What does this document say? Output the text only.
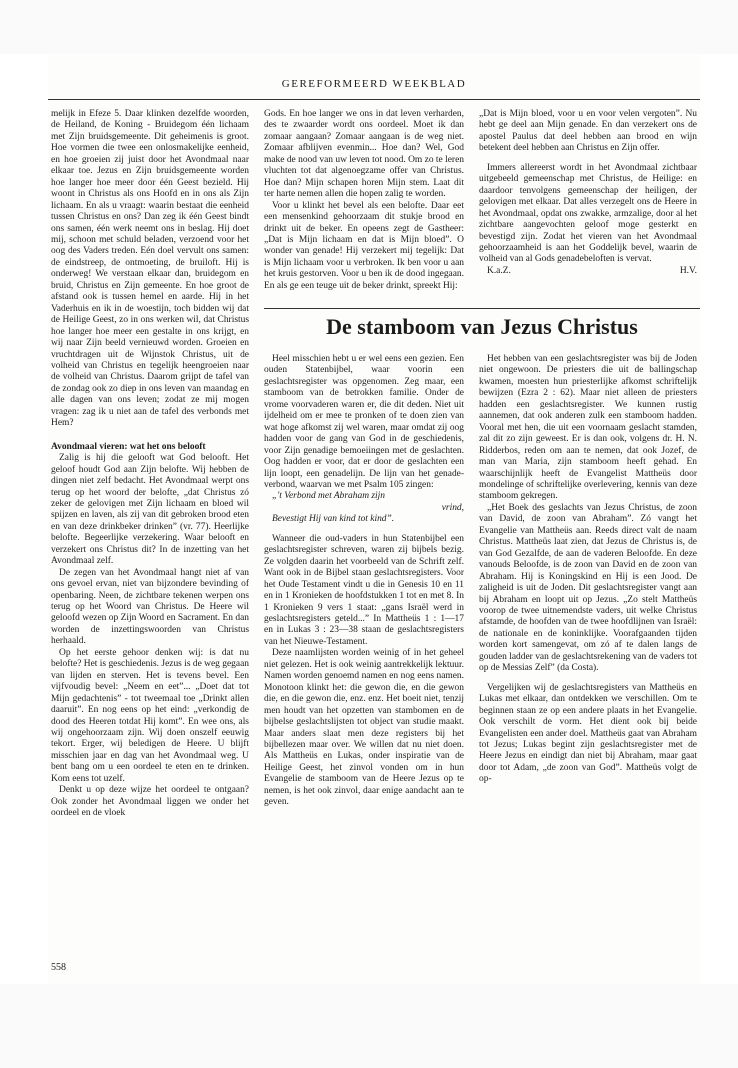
GEREFORMEERD WEEKBLAD

melijk in Efeze 5. Daar klinken dezelfde woorden, de Heiland, de Koning - Bruidegom één lichaam met Zijn bruidsgemeente. Dit geheimenis is groot. Hoe vormen die twee een onlosmakelijke eenheid, en hoe groeien zij juist door het Avondmaal naar elkaar toe. Jezus en Zijn bruidsgemeente worden hoe langer hoe meer door één Geest bezield. Hij woont in Christus als ons Hoofd en in ons als Zijn lichaam. En als u vraagt: waarin bestaat die eenheid tussen Christus en ons? Dan zeg ik één Geest bindt ons samen, één werk neemt ons in beslag. Hij doet mij, schoon met schuld beladen, verzoend voor het oog des Vaders treden. Eén doel vervult ons samen: de eindstreep, de ontmoeting, de bruiloft. Hij is onderweg! We verstaan elkaar dan, bruidegom en bruid, Christus en Zijn gemeente. En hoe groot de afstand ook is tussen hemel en aarde. Hij in het Vaderhuis en ik in de woestijn, toch bidden wij dat de Heilige Geest, zo in ons werken wil, dat Christus hoe langer hoe meer een gestalte in ons krijgt, en wij naar Zijn beeld vernieuwd worden. Groeien en vruchtdragen uit de Wijnstok Christus, uit de volheid van Christus en tegelijk heengroeien naar de volheid van Christus. Daarom grijpt de tafel van de zondag ook zo diep in ons leven van maandag en alle dagen van ons leven; zodat ze mij mogen vragen: zag ik u niet aan de tafel des verbonds met Hem?

Avondmaal vieren: wat het ons belooft

Zalig is hij die gelooft wat God belooft. Het geloof houdt God aan Zijn belofte. Wij hebben de dingen niet zelf bedacht. Het Avondmaal werpt ons terug op het woord der belofte, „dat Christus zó zeker de gelovigen met Zijn lichaam en bloed wil spijzen en laven, als zij van dit gebroken brood eten en van deze drinkbeker drinken” (vr. 77). Heerlijke belofte. Begeerlijke verzekering. Waar belooft en verzekert ons Christus dit? In de inzetting van het Avondmaal zelf.

De zegen van het Avondmaal hangt niet af van ons gevoel ervan, niet van bijzondere bevinding of openbaring. Neen, de zichtbare tekenen werpen ons terug op het Woord van Christus. De Heere wil geloofd wezen op Zijn Woord en Sacrament. En dan worden de inzettingswoorden van Christus herhaald.

Op het eerste gehoor denken wij: is dat nu belofte? Het is geschiedenis. Jezus is de weg gegaan van lijden en sterven. Het is tevens bevel. Een vijfvoudig bevel: „Neem en eet”... „Doet dat tot Mijn gedachtenis” - tot tweemaal toe „Drinkt allen daaruit”. En nog eens op het eind: „verkondig de dood des Heeren totdat Hij komt”. En wee ons, als wij ongehoorzaam zijn. Wij doen onszelf eeuwig tekort. Erger, wij beledigen de Heere. U blijft misschien jaar en dag van het Avondmaal weg. U bent bang om u een oordeel te eten en te drinken. Kom eens tot uzelf.

Denkt u op deze wijze het oordeel te ontgaan? Ook zonder het Avondmaal liggen we onder het oordeel en de vloek

Gods. En hoe langer we ons in dat leven verharden, des te zwaarder wordt ons oordeel. Moet ik dan zomaar aangaan? Zomaar aangaan is de weg niet. Zomaar afblijven evenmin... Hoe dan? Wel, God make de nood van uw leven tot nood. Om zo te leren vluchten tot dat algenoegzame offer van Christus. Hoe dan? Mijn schapen horen Mijn stem. Laat dit ter harte nemen allen die hopen zalig te worden.

Voor u klinkt het bevel als een belofte. Daar eet een mensenkind gehoorzaam dit stukje brood en drinkt uit de beker. En opeens zegt de Gastheer: „Dat is Mijn lichaam en dat is Mijn bloed”. O wonder van genade! Hij verzekert mij tegelijk: Dat is Mijn lichaam voor u verbroken. Ik ben voor u aan het kruis gestorven. Voor u ben ik de dood ingegaan. En als ge een teuge uit de beker drinkt, spreekt Hij:

„Dat is Mijn bloed, voor u en voor velen vergoten”. Nu hebt ge deel aan Mijn genade. En dan verzekert ons de apostel Paulus dat deel hebben aan brood en wijn betekent deel hebben aan Christus en Zijn offer.

Immers allereerst wordt in het Avondmaal zichtbaar uitgebeeld gemeenschap met Christus, de Heilige: en daardoor tenvolgens gemeenschap der heiligen, der gelovigen met elkaar. Dat alles verzegelt ons de Heere in het Avondmaal, opdat ons zwakke, armzalige, door al het zichtbare aangevochten geloof mogе gesterkt en bevestigd zijn. Zodat het vieren van het Avondmaal gehoorzaamheid is aan het Goddelijk bevel, waarin de volheid van al Gods genadebeloften is vervat.

K.a.Z.	H.V.

De stamboom van Jezus Christus

Heel misschien hebt u er wel eens een gezien. Een ouden Statenbijbel, waar voorin een geslachtsregister was opgenomen. Zeg maar, een stamboom van de betrokken familie. Onder de vrome voorvaderen waren er, die dit deden. Niet uit ijdelheid om er mee te pronken of te doen zien van wat hoge afkomst zij wel waren, maar omdat zij oog hadden voor de gang van God in de geschiedenis, voor Zijn genadige bemoeiingen met de geslachten. Oog hadden er voor, dat er door de geslachten een lijn loopt, een genadelijn. De lijn van het genade-verbond, waarvan we met Psalm 105 zingen:

„'t Verbond met Abraham zijn
vrind,
Bevestigt Hij van kind tot kind”.

Wanneer die oud-vaders in hun Statenbijbel een geslachtsregister schreven, waren zij bijbels bezig. Ze volgden daarin het voorbeeld van de Schrift zelf. Want ook in de Bijbel staan geslachtsregisters. Voor het Oude Testament vindt u die in Genesis 10 en 11 en in 1 Kronieken de hoofdstukken 1 tot en met 8. In 1 Kronieken 9 vers 1 staat: „gans Israël werd in geslachtsregisters geteld...” In Mattheüs 1 : 1—17 en in Lukas 3 : 23—38 staan de geslachtsregisters van het Nieuwe-Testament.

Deze naamlijsten worden weinig of in het geheel niet gelezen. Het is ook weinig aantrekkelijk lektuur. Namen worden genoemd namen en nog eens namen. Monotoon klinkt het: die gewon die, en die gewon die, en die gewon die, enz. enz. Het boeit niet, tenzij men houdt van het opzetten van stambomen en de bijbelse geslachtslijsten tot object van studie maakt. Maar anders slaat men deze registers bij het bijbellezen maar over. We willen dat nu niet doen. Als Mattheüs en Lukas, onder inspiratie van de Heilige Geest, het zinvol vonden om in hun Evangelie de stamboom van de Heere Jezus op te nemen, is het ook zinvol, daar enige aandacht aan te geven.

Het hebben van een geslachtsregister was bij de Joden niet ongewoon. De priesters die uit de ballingschap kwamen, moesten hun priesterlijke afkomst schriftelijk bewijzen (Ezra 2 : 62). Maar niet alleen de priesters hadden een geslachtsregister. We kunnen rustig aannemen, dat ook anderen zulk een stamboom hadden. Vooral met hen, die uit een voornaam geslacht stamden, zal dit zo zijn geweest. Er is dan ook, volgens dr. H. N. Ridderbos, reden om aan te nemen, dat ook Jozef, de man van Maria, zijn stamboom heeft gehad. En waarschijnlijk heeft de Evangelist Mattheüs door mondelinge of schriftelijke overlevering, kennis van deze stamboom gekregen.

„Het Boek des geslachts van Jezus Christus, de zoon van David, de zoon van Abraham”. Zó vangt het Evangelie van Mattheüs aan. Reeds direct valt de naam Christus. Mattheüs laat zien, dat Jezus de Christus is, de van God Gezalfde, de aan de vaderen Beloofde. En deze vanouds Beloofde, is de zoon van David en de zoon van Abraham. Hij is Koningskind en Hij is een Jood. De zaligheid is uit de Joden. Dit geslachtsregister vangt aan bij Abraham en loopt uit op Jezus. „Zo stelt Mattheüs voorop de twee uitnemendste vaders, uit welke Christus afstamde, de hoofden van de twee hoofdlijnen van Israël: de nationale en de koninklijke. Voorafgaanden tijden worden kort samengevat, om zó af te dalen langs de gouden ladder van de geslachtsrekening van de vaders tot op de Messias Zelf” (da Costa).

Vergelijken wij de geslachtsregisters van Mattheüs en Lukas met elkaar, dan ontdekken we verschillen. Om te beginnen staan ze op een andere plaats in het Evangelie. Ook verschilt de vorm. Het dient ook bij beide Evangelisten een ander doel. Mattheüs gaat van Abraham tot Jezus; Lukas begint zijn geslachtsregister met de Heere Jezus en eindigt dan niet bij Abraham, maar gaat door tot Adam, „de zoon van God”. Mattheüs volgt de op-

558
